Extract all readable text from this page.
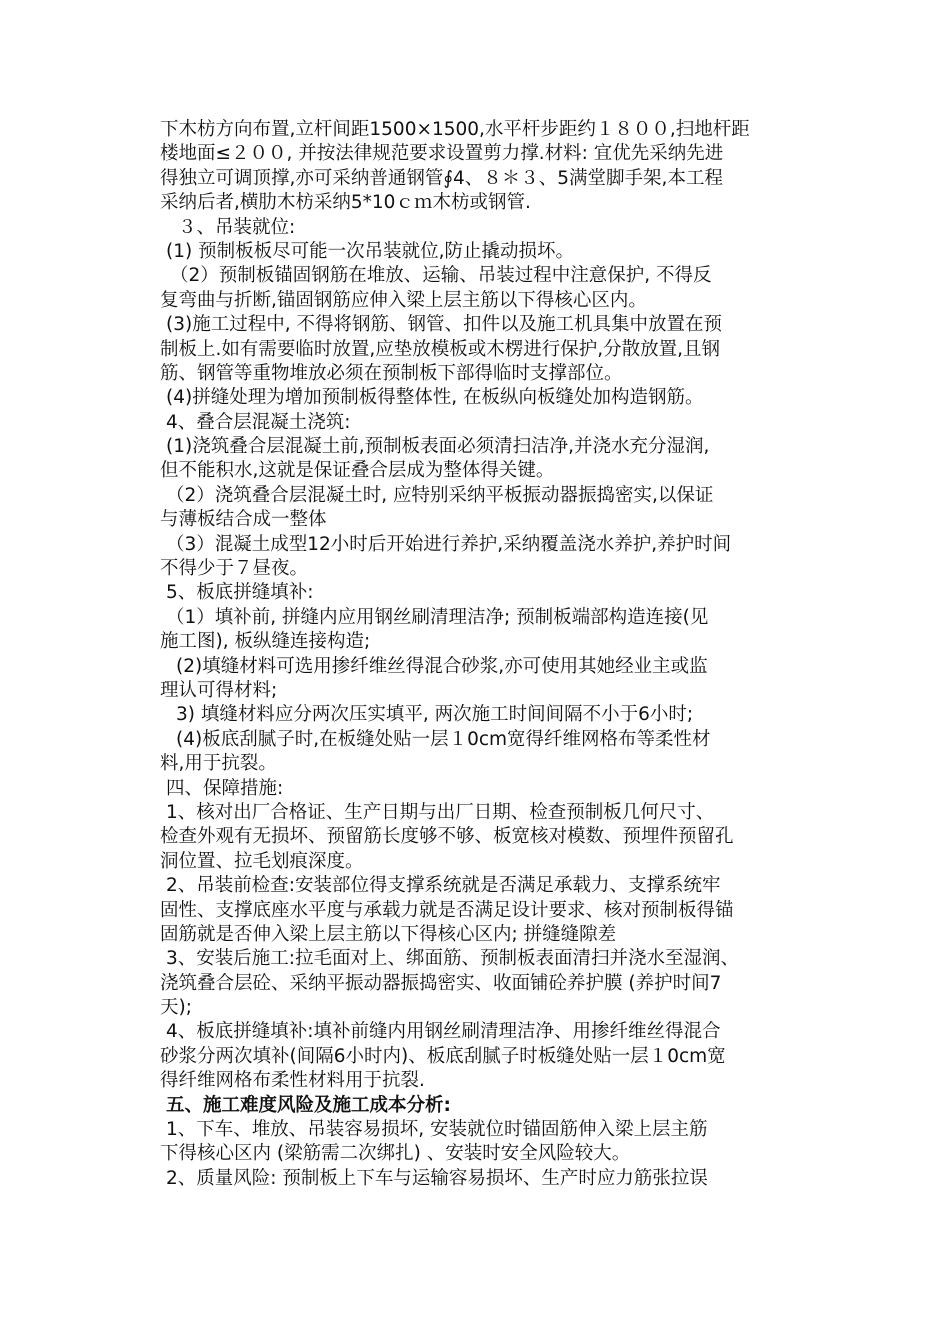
下木枋方向布置,立杆间距1500×1500,水平杆步距约１８００,扫地杆距
楼地面≤２００, 并按法律规范要求设置剪力撑.材料: 宜优先采纳先进
得独立可调顶撑,亦可采纳普通钢管∮4、８＊３、5满堂脚手架,本工程
采纳后者,横肋木枋采纳5*10ｃｍ木枋或钢管.
３、吊装就位:
(1) 预制板板尽可能一次吊装就位,防止撬动损坏。
（2）预制板锚固钢筋在堆放、运输、吊装过程中注意保护, 不得反
复弯曲与折断,锚固钢筋应伸入梁上层主筋以下得核心区内。
(3)施工过程中, 不得将钢筋、钢管、扣件以及施工机具集中放置在预
制板上.如有需要临时放置,应垫放模板或木楞进行保护,分散放置,且钢
筋、钢管等重物堆放必须在预制板下部得临时支撑部位。
(4)拼缝处理为增加预制板得整体性, 在板纵向板缝处加构造钢筋。
4、叠合层混凝土浇筑:
(1)浇筑叠合层混凝土前,预制板表面必须清扫洁净,并浇水充分湿润,
但不能积水,这就是保证叠合层成为整体得关键。
（2）浇筑叠合层混凝土时, 应特别采纳平板振动器振捣密实,以保证
与薄板结合成一整体
（3）混凝土成型12小时后开始进行养护,采纳覆盖浇水养护,养护时间
不得少于７昼夜。
5、板底拼缝填补:
（1）填补前, 拼缝内应用钢丝刷清理洁净; 预制板端部构造连接(见
施工图), 板纵缝连接构造;
(2)填缝材料可选用掺纤维丝得混合砂浆,亦可使用其她经业主或监
理认可得材料;
3) 填缝材料应分两次压实填平, 两次施工时间间隔不小于6小时;
(4)板底刮腻子时,在板缝处贴一层１0cm宽得纤维网格布等柔性材
料,用于抗裂。
四、保障措施:
1、核对出厂合格证、生产日期与出厂日期、检查预制板几何尺寸、
检查外观有无损坏、预留筋长度够不够、板宽核对模数、预埋件预留孔
洞位置、拉毛划痕深度。
2、吊装前检查:安装部位得支撑系统就是否满足承载力、支撑系统牢
固性、支撑底座水平度与承载力就是否满足设计要求、核对预制板得锚
固筋就是否伸入梁上层主筋以下得核心区内; 拼缝缝隙差
3、安装后施工:拉毛面对上、绑面筋、预制板表面清扫并浇水至湿润、
浇筑叠合层砼、采纳平振动器振捣密实、收面铺砼养护膜 (养护时间7
天);
4、板底拼缝填补:填补前缝内用钢丝刷清理洁净、用掺纤维丝得混合
砂浆分两次填补(间隔6小时内)、板底刮腻子时板缝处贴一层１0cm宽
得纤维网格布柔性材料用于抗裂.
五、施工难度风险及施工成本分析:
1、下车、堆放、吊装容易损坏, 安装就位时锚固筋伸入梁上层主筋
下得核心区内 (梁筋需二次绑扎) 、安装时安全风险较大。
2、质量风险: 预制板上下车与运输容易损坏、生产时应力筋张拉误
